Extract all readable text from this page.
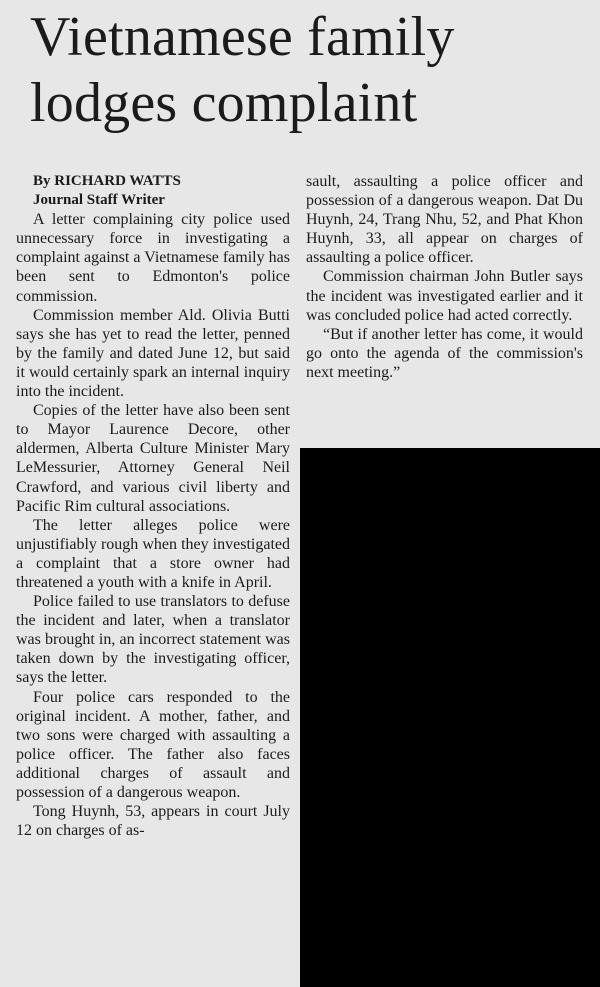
Vietnamese family
lodges complaint
By RICHARD WATTS
Journal Staff Writer

A letter complaining city police used unnecessary force in investigating a complaint against a Vietnamese family has been sent to Edmonton's police commission.

Commission member Ald. Olivia Butti says she has yet to read the letter, penned by the family and dated June 12, but said it would certainly spark an internal inquiry into the incident.

Copies of the letter have also been sent to Mayor Laurence Decore, other aldermen, Alberta Culture Minister Mary LeMessurier, Attorney General Neil Crawford, and various civil liberty and Pacific Rim cultural associations.

The letter alleges police were unjustifiably rough when they investigated a complaint that a store owner had threatened a youth with a knife in April.

Police failed to use translators to defuse the incident and later, when a translator was brought in, an incorrect statement was taken down by the investigating officer, says the letter.

Four police cars responded to the original incident. A mother, father, and two sons were charged with assaulting a police officer. The father also faces additional charges of assault and possession of a dangerous weapon.

Tong Huynh, 53, appears in court July 12 on charges of as-

sault, assaulting a police officer and possession of a dangerous weapon. Dat Du Huynh, 24, Trang Nhu, 52, and Phat Khon Huynh, 33, all appear on charges of assaulting a police officer.

Commission chairman John Butler says the incident was investigated earlier and it was concluded police had acted correctly.

“But if another letter has come, it would go onto the agenda of the commission's next meeting.”
